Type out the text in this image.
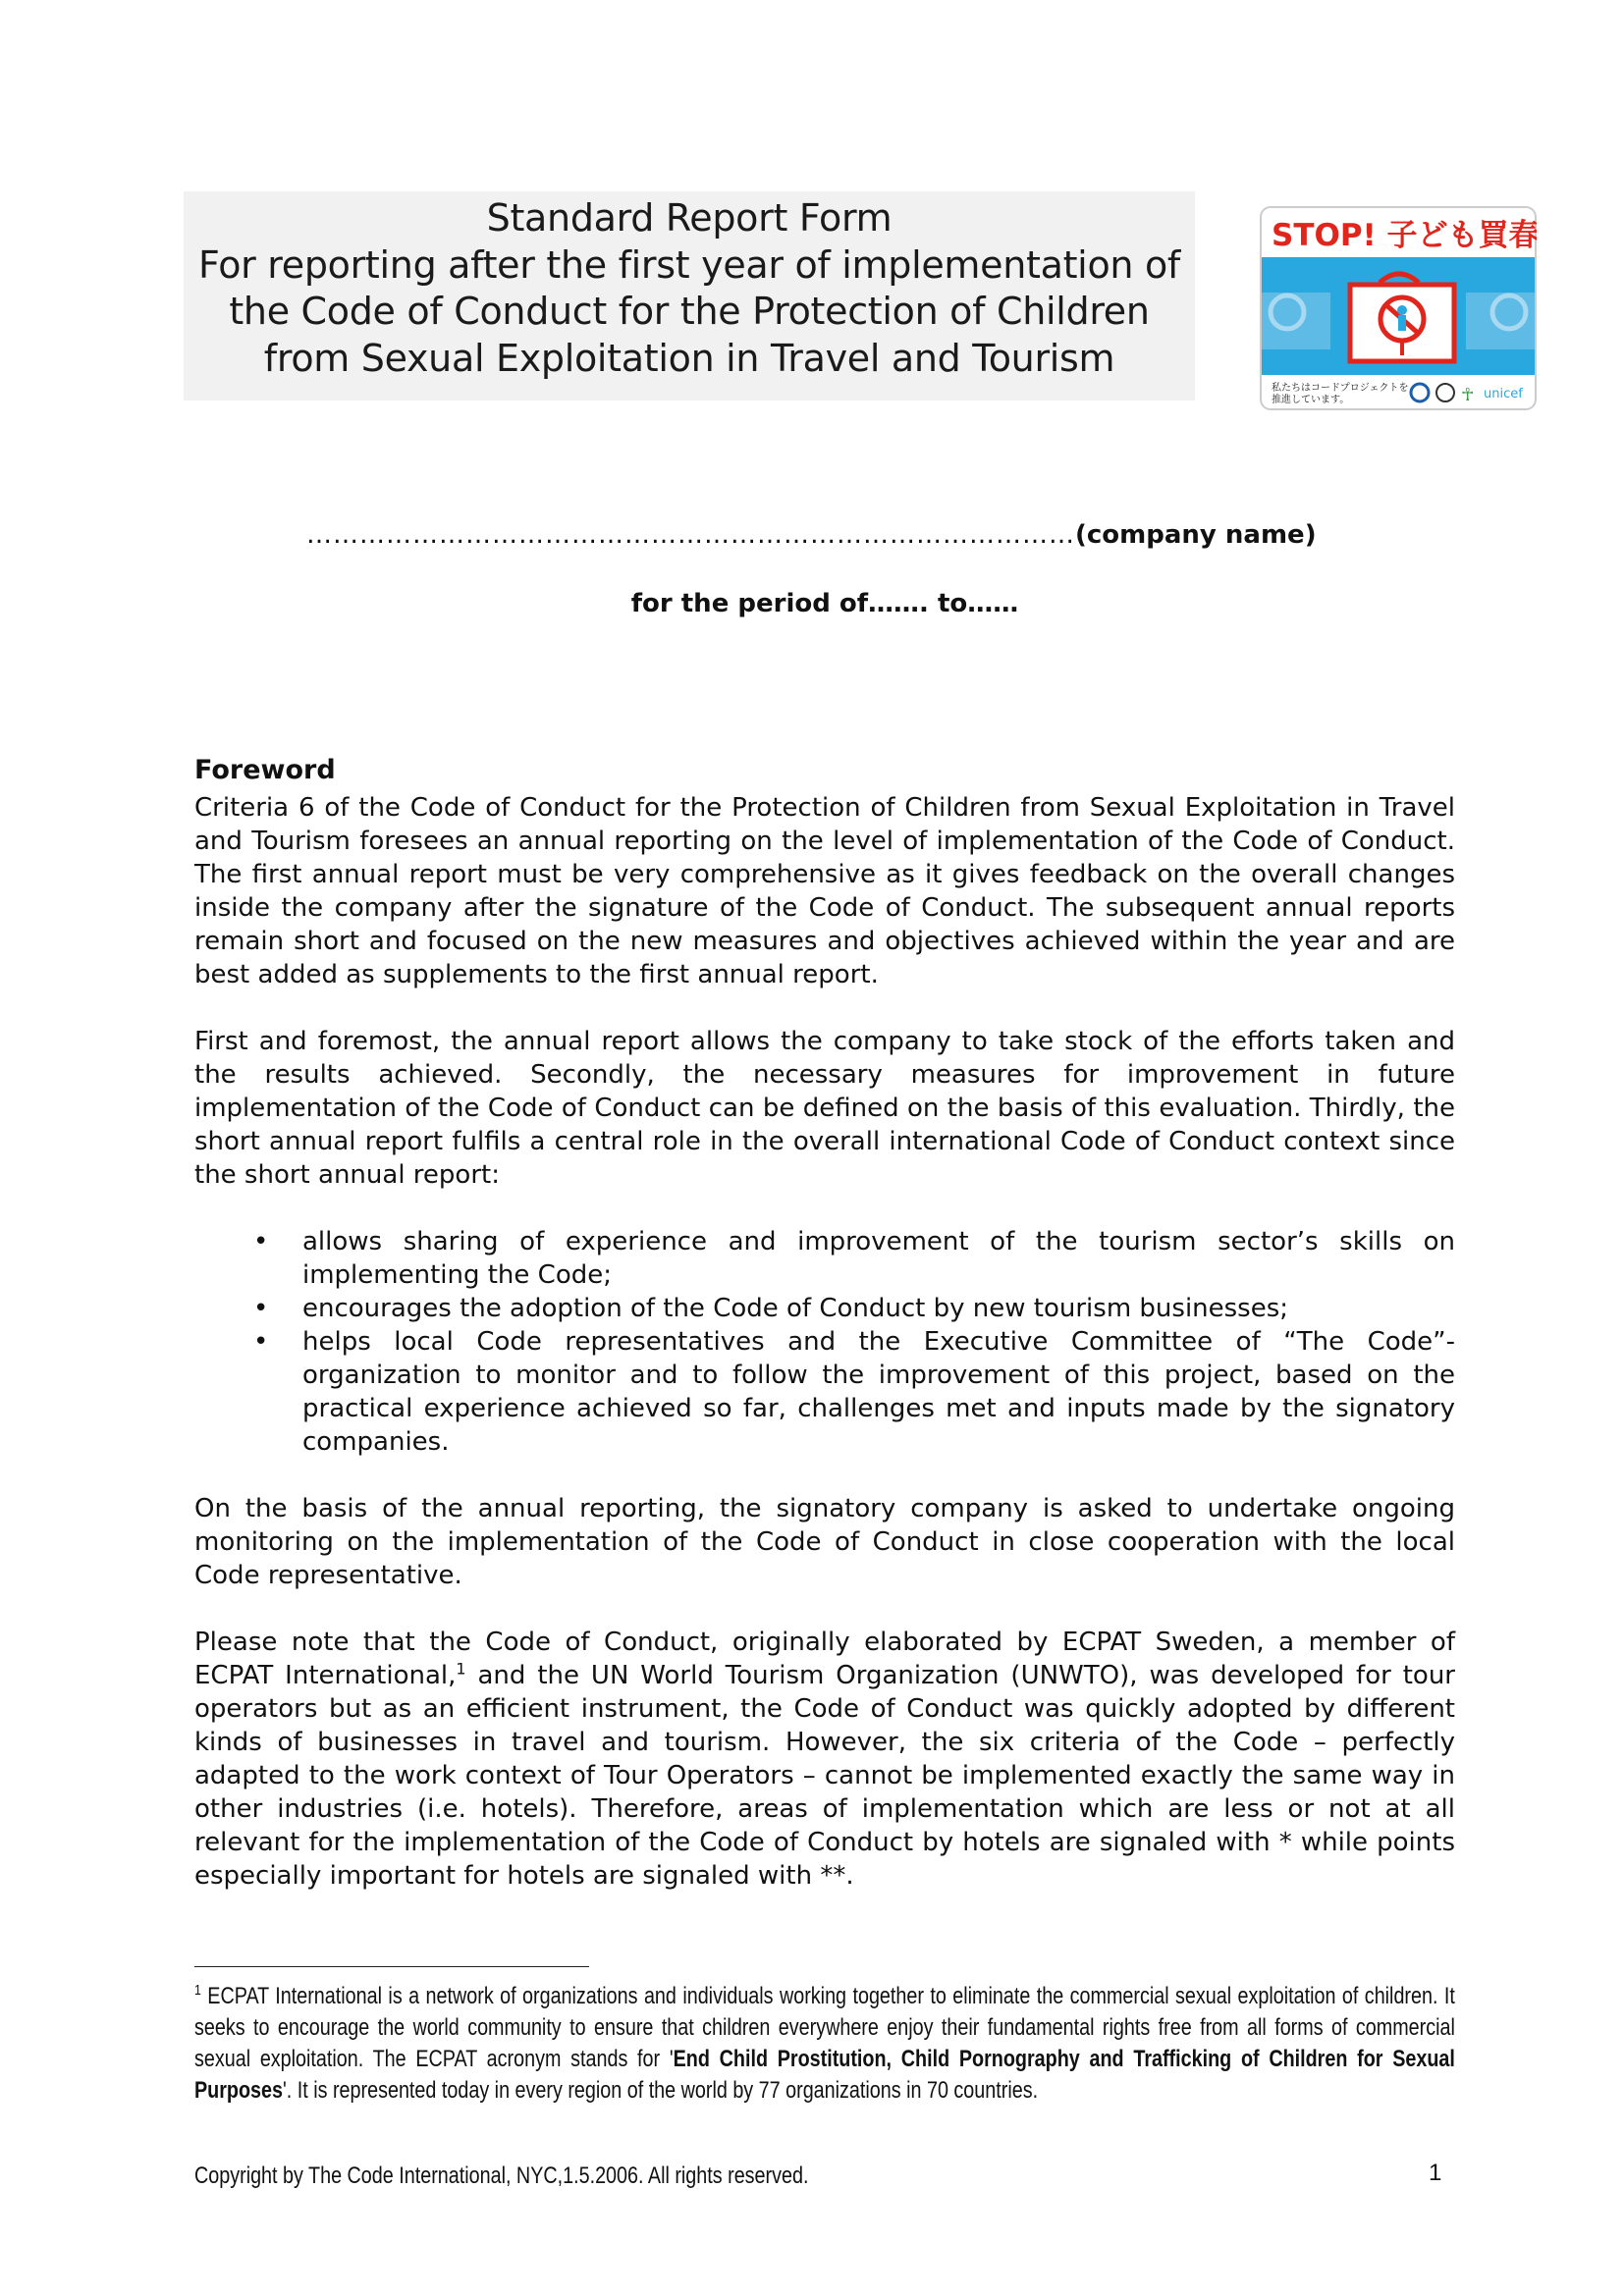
Standard Report Form
For reporting after the first year of implementation of
the Code of Conduct for the Protection of Children
from Sexual Exploitation in Travel and Tourism
STOP! 子ども買春
私たちはコードプロジェクトを
推進しています。	☥ unicef
……………………………………………………………………………(company name)
for the period of……. to……
Foreword

Criteria 6 of the Code of Conduct for the Protection of Children from Sexual Exploitation in Travel and Tourism foresees an annual reporting on the level of implementation of the Code of Conduct. The first annual report must be very comprehensive as it gives feedback on the overall changes inside the company after the signature of the Code of Conduct. The subsequent annual reports remain short and focused on the new measures and objectives achieved within the year and are best added as supplements to the first annual report.

First and foremost, the annual report allows the company to take stock of the efforts taken and the results achieved. Secondly, the necessary measures for improvement in future implementation of the Code of Conduct can be defined on the basis of this evaluation. Thirdly, the short annual report fulfils a central role in the overall international Code of Conduct context since the short annual report:

• allows sharing of experience and improvement of the tourism sector’s skills on implementing the Code;
• encourages the adoption of the Code of Conduct by new tourism businesses;
• helps local Code representatives and the Executive Committee of “The Code”-organization to monitor and to follow the improvement of this project, based on the practical experience achieved so far, challenges met and inputs made by the signatory companies.

On the basis of the annual reporting, the signatory company is asked to undertake ongoing monitoring on the implementation of the Code of Conduct in close cooperation with the local Code representative.

Please note that the Code of Conduct, originally elaborated by ECPAT Sweden, a member of ECPAT International,$^1$ and the UN World Tourism Organization (UNWTO), was developed for tour operators but as an efficient instrument, the Code of Conduct was quickly adopted by different kinds of businesses in travel and tourism. However, the six criteria of the Code – perfectly adapted to the work context of Tour Operators – cannot be implemented exactly the same way in other industries (i.e. hotels). Therefore, areas of implementation which are less or not at all relevant for the implementation of the Code of Conduct by hotels are signaled with * while points especially important for hotels are signaled with **.

$^1$ ECPAT International is a network of organizations and individuals working together to eliminate the commercial sexual exploitation of children. It seeks to encourage the world community to ensure that children everywhere enjoy their fundamental rights free from all forms of commercial sexual exploitation. The ECPAT acronym stands for 'End Child Prostitution, Child Pornography and Trafficking of Children for Sexual Purposes'. It is represented today in every region of the world by 77 organizations in 70 countries.
Copyright by The Code International, NYC,1.5.2006. All rights reserved.	1
